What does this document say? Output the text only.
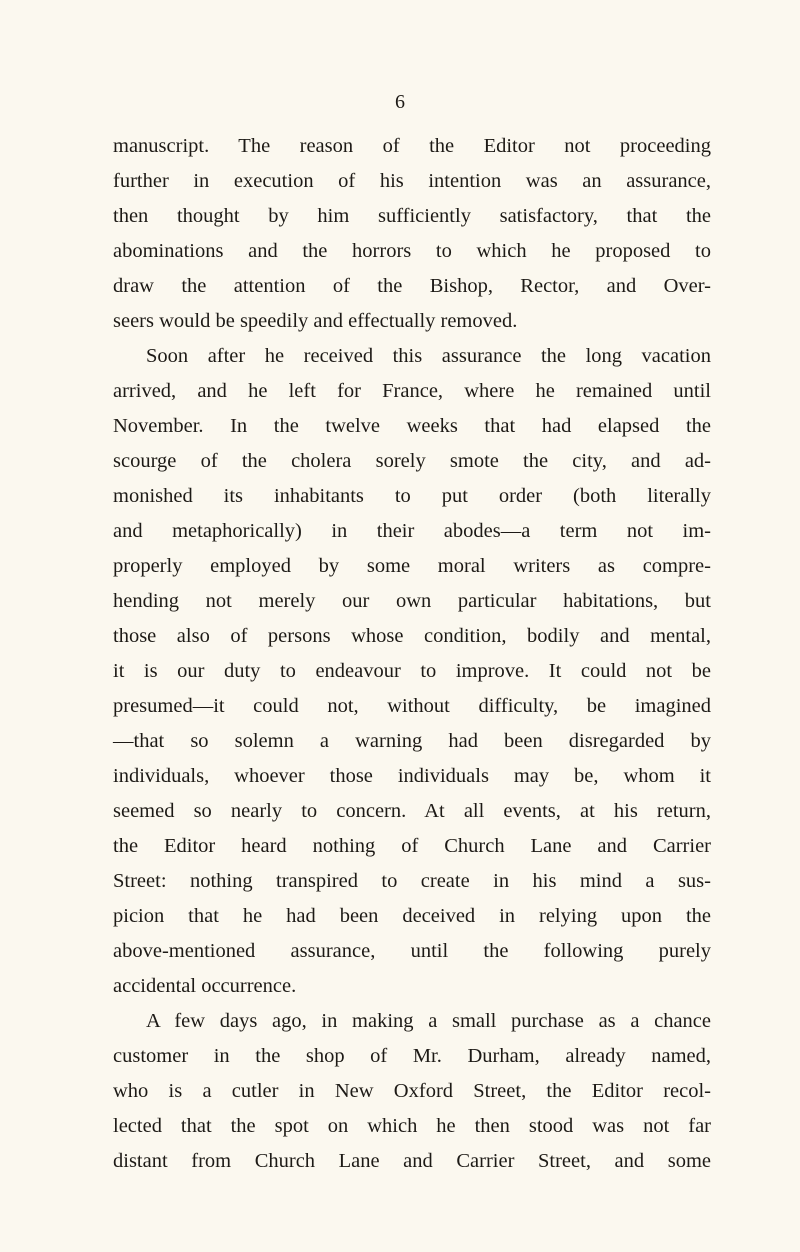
6
manuscript. The reason of the Editor not proceeding
further in execution of his intention was an assurance,
then thought by him sufficiently satisfactory, that the
abominations and the horrors to which he proposed to
draw the attention of the Bishop, Rector, and Over-
seers would be speedily and effectually removed.
Soon after he received this assurance the long vacation
arrived, and he left for France, where he remained until
November. In the twelve weeks that had elapsed the
scourge of the cholera sorely smote the city, and ad-
monished its inhabitants to put order (both literally
and metaphorically) in their abodes—a term not im-
properly employed by some moral writers as compre-
hending not merely our own particular habitations, but
those also of persons whose condition, bodily and mental,
it is our duty to endeavour to improve. It could not be
presumed—it could not, without difficulty, be imagined
—that so solemn a warning had been disregarded by
individuals, whoever those individuals may be, whom it
seemed so nearly to concern. At all events, at his return,
the Editor heard nothing of Church Lane and Carrier
Street: nothing transpired to create in his mind a sus-
picion that he had been deceived in relying upon the
above-mentioned assurance, until the following purely
accidental occurrence.
A few days ago, in making a small purchase as a chance
customer in the shop of Mr. Durham, already named,
who is a cutler in New Oxford Street, the Editor recol-
lected that the spot on which he then stood was not far
distant from Church Lane and Carrier Street, and some
